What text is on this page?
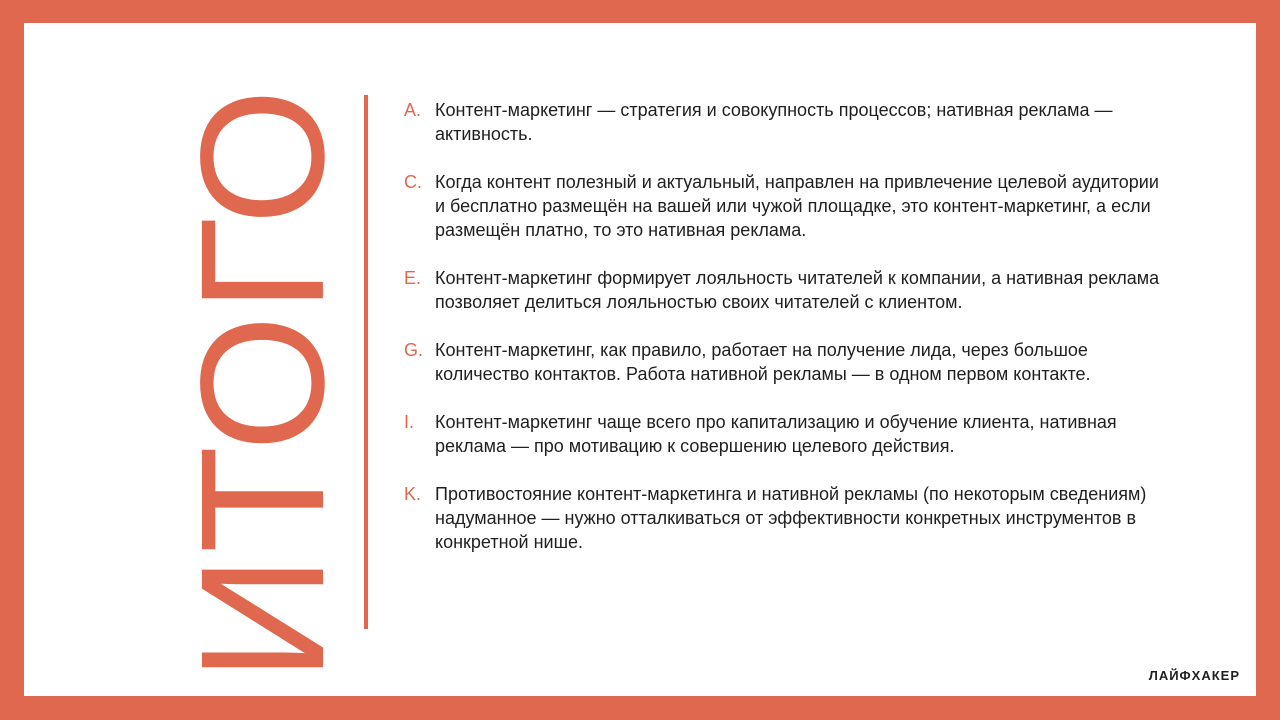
ИТОГО A. Контент-маркетинг — стратегия и совокупность процессов; нативная реклама — активность.
C. Когда контент полезный и актуальный, направлен на привлечение целевой аудитории и бесплатно размещён на вашей или чужой площадке, это контент-маркетинг, а если размещён платно, то это нативная реклама.
E. Контент-маркетинг формирует лояльность читателей к компании, а нативная реклама позволяет делиться лояльностью своих читателей с клиентом.
G. Контент-маркетинг, как правило, работает на получение лида, через большое количество контактов. Работа нативной рекламы — в одном первом контакте.
I.	Контент-маркетинг чаще всего про капитализацию и обучение клиента, нативная реклама — про мотивацию к совершению целевого действия.
K. Противостояние контент-маркетинга и нативной рекламы (по некоторым сведениям) надуманное — нужно отталкиваться от эффективности конкретных инструментов в конкретной нише.
ЛАЙФХАКЕР
